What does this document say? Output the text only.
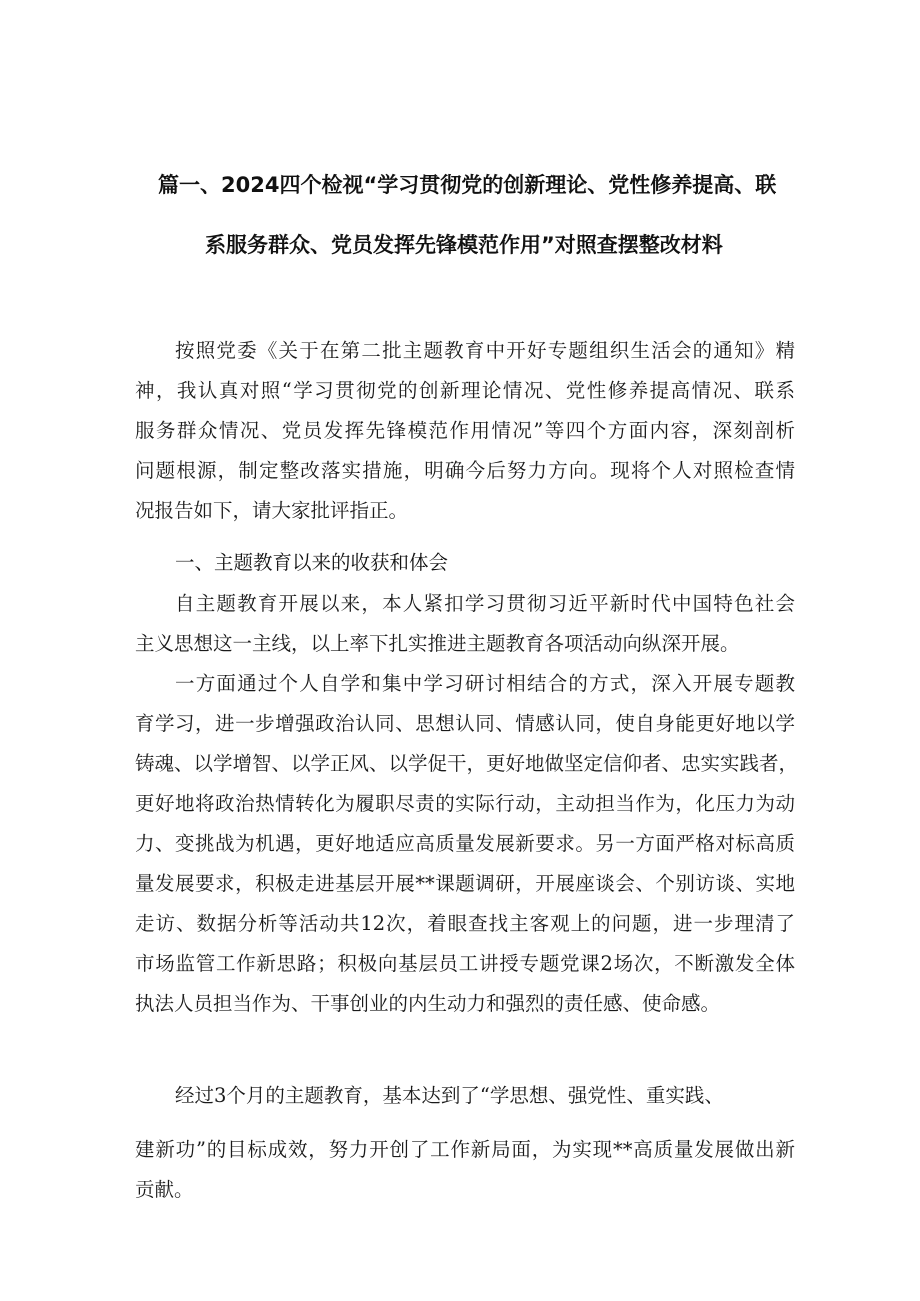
篇一、2024四个检视“学习贯彻党的创新理论、党性修养提高、联
系服务群众、党员发挥先锋模范作用”对照查摆整改材料
按照党委《关于在第二批主题教育中开好专题组织生活会的通知》精
神，我认真对照“学习贯彻党的创新理论情况、党性修养提高情况、联系
服务群众情况、党员发挥先锋模范作用情况”等四个方面内容，深刻剖析
问题根源，制定整改落实措施，明确今后努力方向。现将个人对照检查情
况报告如下，请大家批评指正。
一、主题教育以来的收获和体会
自主题教育开展以来，本人紧扣学习贯彻习近平新时代中国特色社会
主义思想这一主线，以上率下扎实推进主题教育各项活动向纵深开展。
一方面通过个人自学和集中学习研讨相结合的方式，深入开展专题教
育学习，进一步增强政治认同、思想认同、情感认同，使自身能更好地以学
铸魂、以学增智、以学正风、以学促干，更好地做坚定信仰者、忠实实践者，
更好地将政治热情转化为履职尽责的实际行动，主动担当作为，化压力为动
力、变挑战为机遇，更好地适应高质量发展新要求。另一方面严格对标高质
量发展要求，积极走进基层开展**课题调研，开展座谈会、个别访谈、实地
走访、数据分析等活动共12次，着眼查找主客观上的问题，进一步理清了
市场监管工作新思路；积极向基层员工讲授专题党课2场次，不断激发全体
执法人员担当作为、干事创业的内生动力和强烈的责任感、使命感。
经过3个月的主题教育，基本达到了“学思想、强党性、重实践、
建新功”的目标成效，努力开创了工作新局面，为实现**高质量发展做出新
贡献。
